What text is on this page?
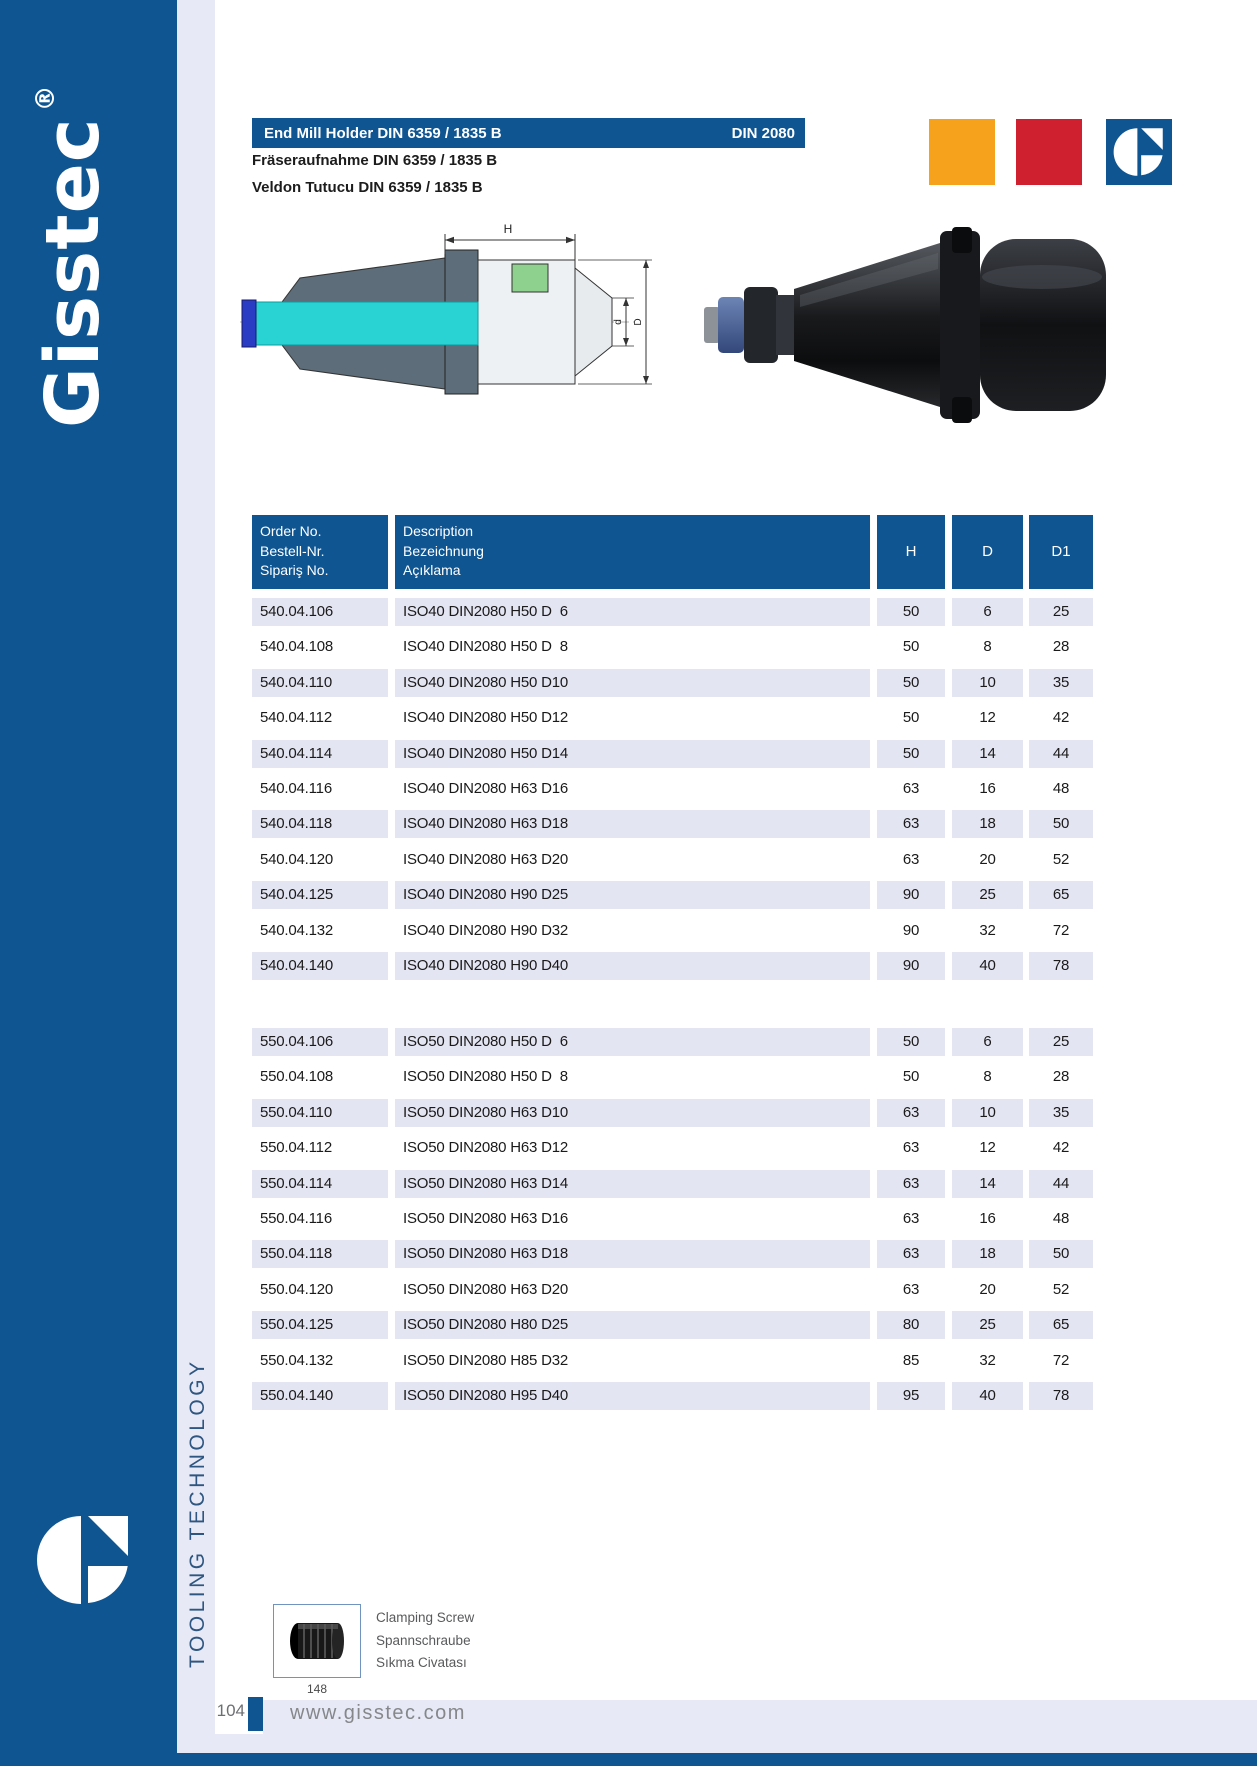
Gisstec®
TOOLING TECHNOLOGY
End Mill Holder DIN 6359 / 1835 B	DIN 2080
Fräseraufnahme DIN 6359 / 1835 B
Veldon Tutucu DIN 6359 / 1835 B
H
d D
Order No.
Bestell-Nr.
Sipariş No.
Description
Bezeichnung
Açıklama
H	D	D1
540.04.106	ISO40 DIN2080 H50 D  6	50	6	25
540.04.108	ISO40 DIN2080 H50 D  8	50	8	28
540.04.110	ISO40 DIN2080 H50 D10	50	10	35
540.04.112	ISO40 DIN2080 H50 D12	50	12	42
540.04.114	ISO40 DIN2080 H50 D14	50	14	44
540.04.116	ISO40 DIN2080 H63 D16	63	16	48
540.04.118	ISO40 DIN2080 H63 D18	63	18	50
540.04.120	ISO40 DIN2080 H63 D20	63	20	52
540.04.125	ISO40 DIN2080 H90 D25	90	25	65
540.04.132	ISO40 DIN2080 H90 D32	90	32	72
540.04.140	ISO40 DIN2080 H90 D40	90	40	78
550.04.106	ISO50 DIN2080 H50 D  6	50	6	25
550.04.108	ISO50 DIN2080 H50 D  8	50	8	28
550.04.110	ISO50 DIN2080 H63 D10	63	10	35
550.04.112	ISO50 DIN2080 H63 D12	63	12	42
550.04.114	ISO50 DIN2080 H63 D14	63	14	44
550.04.116	ISO50 DIN2080 H63 D16	63	16	48
550.04.118	ISO50 DIN2080 H63 D18	63	18	50
550.04.120	ISO50 DIN2080 H63 D20	63	20	52
550.04.125	ISO50 DIN2080 H80 D25	80	25	65
550.04.132	ISO50 DIN2080 H85 D32	85	32	72
550.04.140	ISO50 DIN2080 H95 D40	95	40	78
148
Clamping Screw
Spannschraube
Sıkma Civatası
104 www.gisstec.com
